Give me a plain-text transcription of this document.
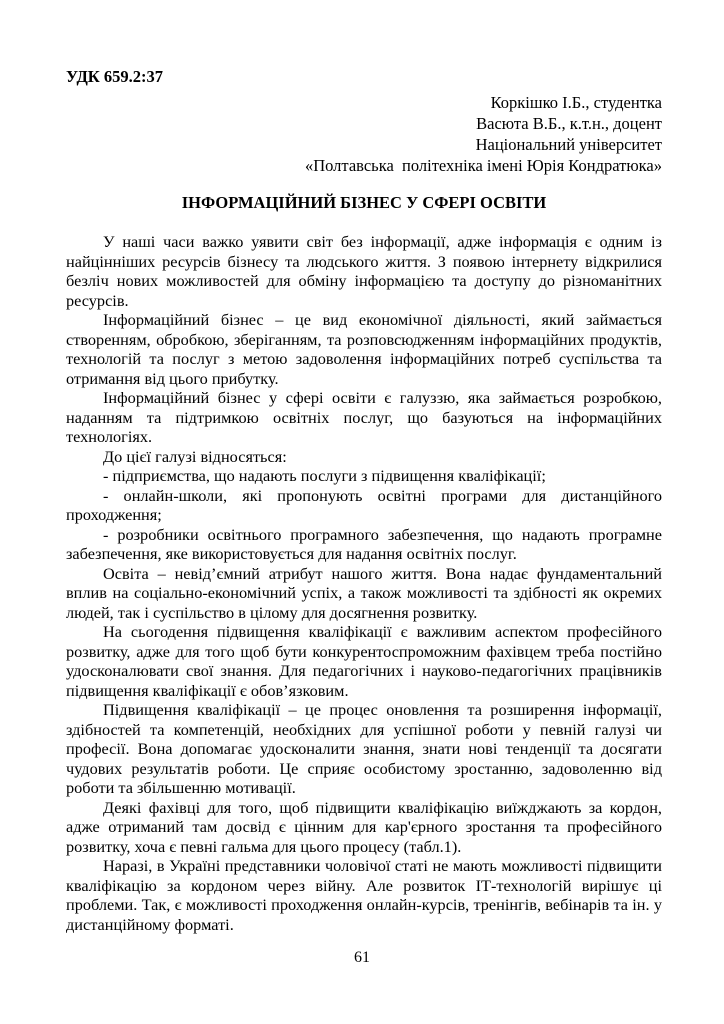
УДК 659.2:37
Коркішко І.Б., студентка
Васюта В.Б., к.т.н., доцент
Національний університет
«Полтавська  політехніка імені Юрія Кондратюка»
ІНФОРМАЦІЙНИЙ БІЗНЕС У СФЕРІ ОСВІТИ

У наші часи важко уявити світ без інформації, адже інформація є одним із найцінніших ресурсів бізнесу та людського життя. З появою інтернету відкрилися безліч нових можливостей для обміну інформацією та доступу до різноманітних ресурсів.

Інформаційний бізнес – це вид економічної діяльності, який займається створенням, обробкою, зберіганням, та розповсюдженням інформаційних продуктів, технологій та послуг з метою задоволення інформаційних потреб суспільства та отримання від цього прибутку.

Інформаційний бізнес у сфері освіти є галуззю, яка займається розробкою, наданням та підтримкою освітніх послуг, що базуються на інформаційних технологіях.

До цієї галузі відносяться:

- підприємства, що надають послуги з підвищення кваліфікації;

- онлайн-школи, які пропонують освітні програми для дистанційного проходження;

- розробники освітнього програмного забезпечення, що надають програмне забезпечення, яке використовується для надання освітніх послуг.

Освіта – невід’ємний атрибут нашого життя. Вона надає фундаментальний вплив на соціально-економічний успіх, а також можливості та здібності як окремих людей, так і суспільство в цілому для досягнення розвитку.

На сьогодення підвищення кваліфікації є важливим аспектом професійного розвитку, адже для того щоб бути конкурентоспроможним фахівцем треба постійно удосконалювати свої знання. Для педагогічних і науково-педагогічних працівників підвищення кваліфікації є обов’язковим.

Підвищення кваліфікації – це процес оновлення та розширення інформації, здібностей та компетенцій, необхідних для успішної роботи у певній галузі чи професії. Вона допомагає удосконалити знання, знати нові тенденції та досягати чудових результатів роботи. Це сприяє особистому зростанню, задоволенню від роботи та збільшенню мотивації.

Деякі фахівці для того, щоб підвищити кваліфікацію виїжджають за кордон, адже отриманий там досвід є цінним для кар'єрного зростання та професійного розвитку, хоча є певні гальма для цього процесу (табл.1).

Наразі, в Україні представники чоловічої статі не мають можливості підвищити кваліфікацію за кордоном через війну. Але розвиток ІТ-технологій вирішує ці проблеми. Так, є можливості проходження онлайн-курсів, тренінгів, вебінарів та ін. у дистанційному форматі.

61
